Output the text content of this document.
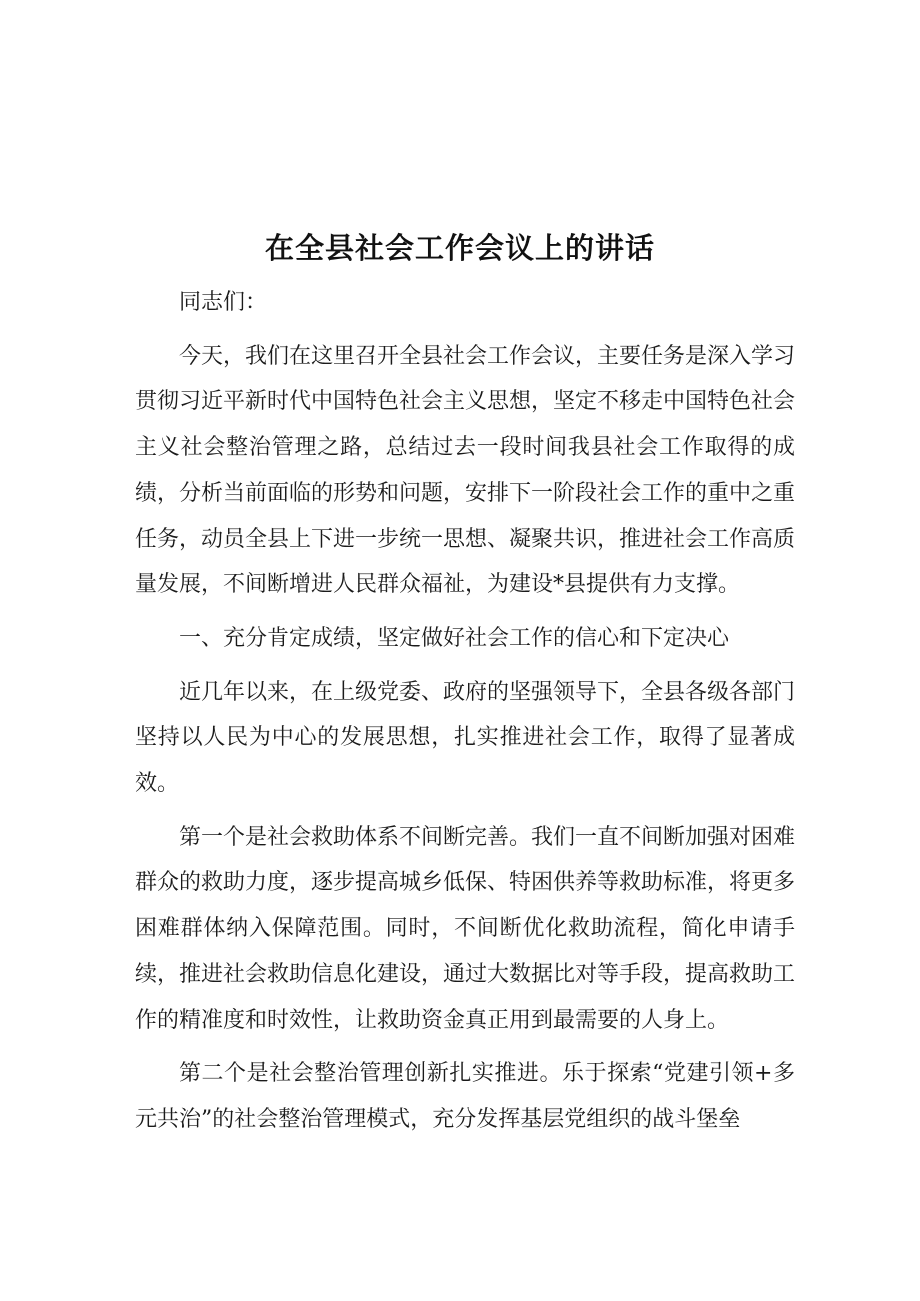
在全县社会工作会议上的讲话

同志们：

今天，我们在这里召开全县社会工作会议，主要任务是深入学习贯彻习近平新时代中国特色社会主义思想，坚定不移走中国特色社会主义社会整治管理之路，总结过去一段时间我县社会工作取得的成绩，分析当前面临的形势和问题，安排下一阶段社会工作的重中之重任务，动员全县上下进一步统一思想、凝聚共识，推进社会工作高质量发展，不间断增进人民群众福祉，为建设*县提供有力支撑。

一、充分肯定成绩，坚定做好社会工作的信心和下定决心

近几年以来，在上级党委、政府的坚强领导下，全县各级各部门坚持以人民为中心的发展思想，扎实推进社会工作，取得了显著成效。

第一个是社会救助体系不间断完善。我们一直不间断加强对困难群众的救助力度，逐步提高城乡低保、特困供养等救助标准，将更多困难群体纳入保障范围。同时，不间断优化救助流程，简化申请手续，推进社会救助信息化建设，通过大数据比对等手段，提高救助工作的精准度和时效性，让救助资金真正用到最需要的人身上。

第二个是社会整治管理创新扎实推进。乐于探索“党建引领+多元共治”的社会整治管理模式，充分发挥基层党组织的战斗堡垒
